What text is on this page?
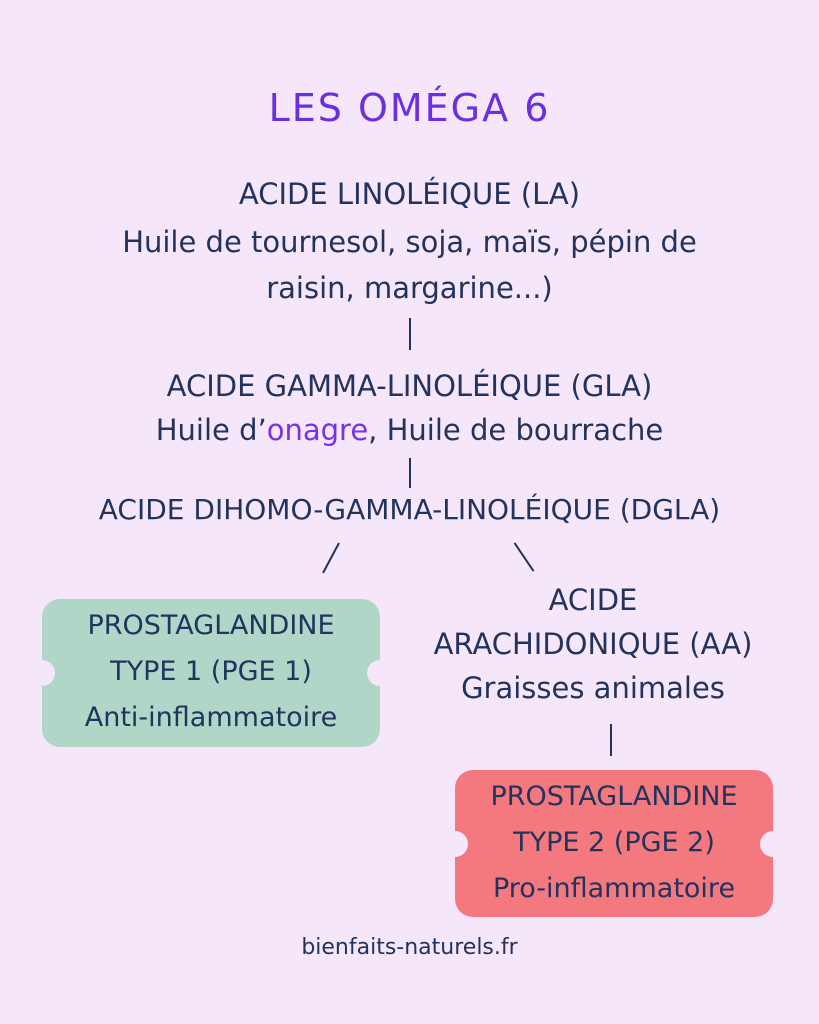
LES OMÉGA 6
ACIDE LINOLÉIQUE (LA)
Huile de tournesol, soja, maïs, pépin de
raisin, margarine...)
ACIDE GAMMA-LINOLÉIQUE (GLA)
Huile d’onagre, Huile de bourrache
ACIDE DIHOMO-GAMMA-LINOLÉIQUE (DGLA)
PROSTAGLANDINE
TYPE 1 (PGE 1)
Anti-inflammatoire
ACIDE
ARACHIDONIQUE (AA)
Graisses animales
PROSTAGLANDINE
TYPE 2 (PGE 2)
Pro-inflammatoire
bienfaits-naturels.fr
